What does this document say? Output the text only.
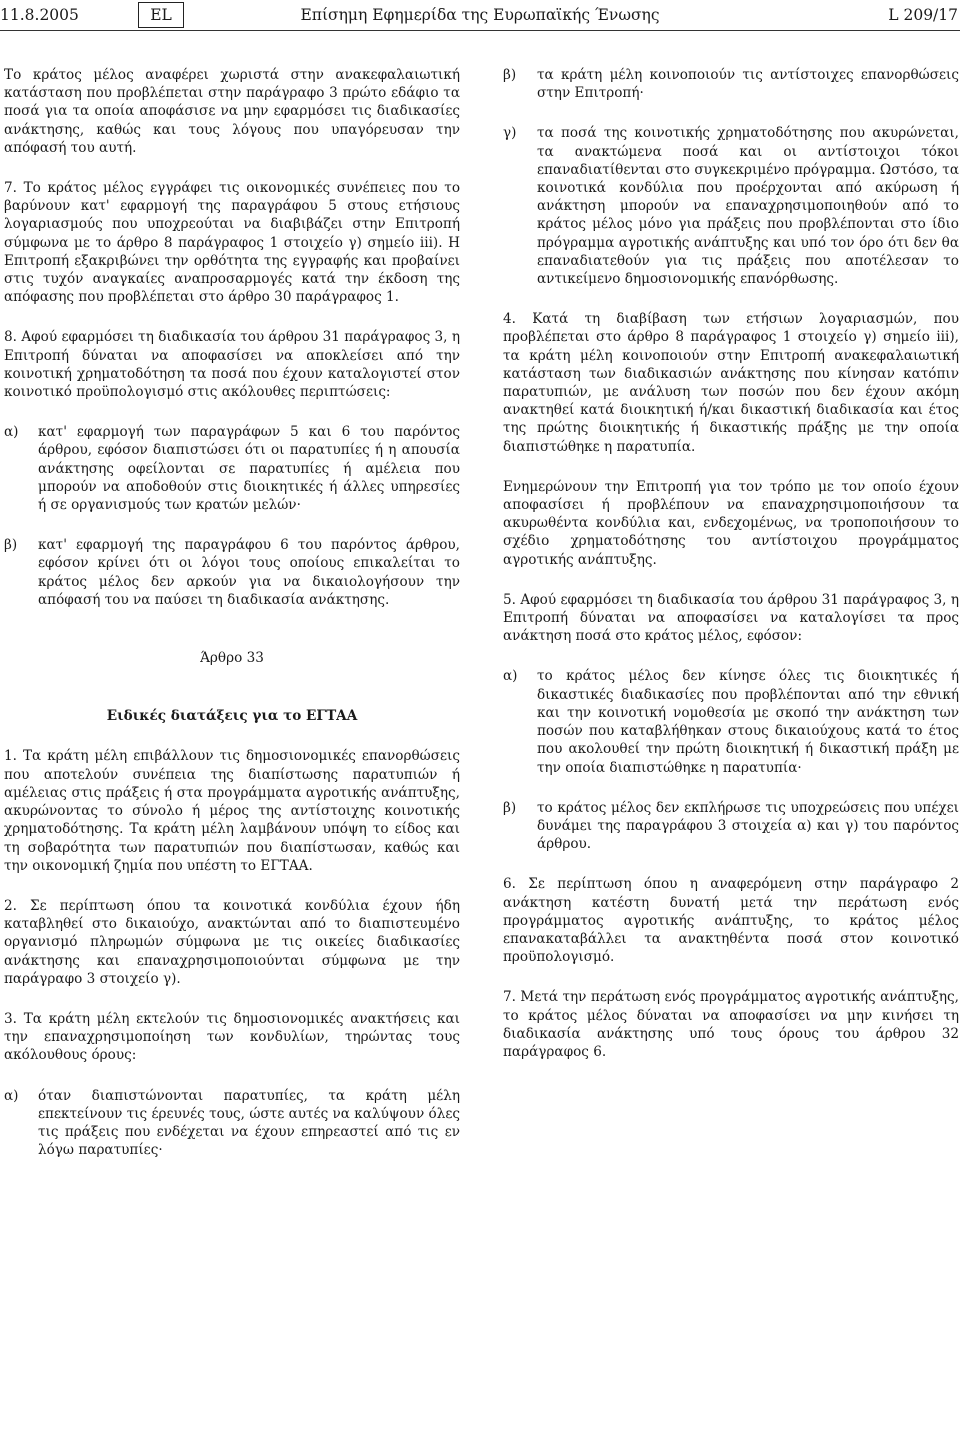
11.8.2005	EL	Επίσημη Εφημερίδα της Ευρωπαϊκής Ένωσης	L 209/17

Το κράτος μέλος αναφέρει χωριστά στην ανακεφαλαιωτική κατάσταση που προβλέπεται στην παράγραφο 3 πρώτο εδάφιο τα ποσά για τα οποία αποφάσισε να μην εφαρμόσει τις διαδικασίες ανάκτησης, καθώς και τους λόγους που υπαγόρευσαν την απόφασή του αυτή.

7. Το κράτος μέλος εγγράφει τις οικονομικές συνέπειες που το βαρύνουν κατ' εφαρμογή της παραγράφου 5 στους ετήσιους λογαριασμούς που υποχρεούται να διαβιβάζει στην Επιτροπή σύμφωνα με το άρθρο 8 παράγραφος 1 στοιχείο γ) σημείο iii). Η Επιτροπή εξακριβώνει την ορθότητα της εγγραφής και προβαίνει στις τυχόν αναγκαίες αναπροσαρμογές κατά την έκδοση της απόφασης που προβλέπεται στο άρθρο 30 παράγραφος 1.

8. Αφού εφαρμόσει τη διαδικασία του άρθρου 31 παράγραφος 3, η Επιτροπή δύναται να αποφασίσει να αποκλείσει από την κοινοτική χρηματοδότηση τα ποσά που έχουν καταλογιστεί στον κοινοτικό προϋπολογισμό στις ακόλουθες περιπτώσεις:

α) κατ' εφαρμογή των παραγράφων 5 και 6 του παρόντος άρθρου, εφόσον διαπιστώσει ότι οι παρατυπίες ή η απουσία ανάκτησης οφείλονται σε παρατυπίες ή αμέλεια που μπορούν να αποδοθούν στις διοικητικές ή άλλες υπηρεσίες ή σε οργανισμούς των κρατών μελών·
β) κατ' εφαρμογή της παραγράφου 6 του παρόντος άρθρου, εφόσον κρίνει ότι οι λόγοι τους οποίους επικαλείται το κράτος μέλος δεν αρκούν για να δικαιολογήσουν την απόφασή του να παύσει τη διαδικασία ανάκτησης.

Άρθρο 33

Ειδικές διατάξεις για το ΕΓΤΑΑ

1. Τα κράτη μέλη επιβάλλουν τις δημοσιονομικές επανορθώσεις που αποτελούν συνέπεια της διαπίστωσης παρατυπιών ή αμέλειας στις πράξεις ή στα προγράμματα αγροτικής ανάπτυξης, ακυρώνοντας το σύνολο ή μέρος της αντίστοιχης κοινοτικής χρηματοδότησης. Τα κράτη μέλη λαμβάνουν υπόψη το είδος και τη σοβαρότητα των παρατυπιών που διαπίστωσαν, καθώς και την οικονομική ζημία που υπέστη το ΕΓΤΑΑ.

2. Σε περίπτωση όπου τα κοινοτικά κονδύλια έχουν ήδη καταβληθεί στο δικαιούχο, ανακτώνται από το διαπιστευμένο οργανισμό πληρωμών σύμφωνα με τις οικείες διαδικασίες ανάκτησης και επαναχρησιμοποιούνται σύμφωνα με την παράγραφο 3 στοιχείο γ).

3. Τα κράτη μέλη εκτελούν τις δημοσιονομικές ανακτήσεις και την επαναχρησιμοποίηση των κονδυλίων, τηρώντας τους ακόλουθους όρους:

α) όταν διαπιστώνονται παρατυπίες, τα κράτη μέλη επεκτείνουν τις έρευνές τους, ώστε αυτές να καλύψουν όλες τις πράξεις που ενδέχεται να έχουν επηρεαστεί από τις εν λόγω παρατυπίες·
β) τα κράτη μέλη κοινοποιούν τις αντίστοιχες επανορθώσεις στην Επιτροπή·
γ) τα ποσά της κοινοτικής χρηματοδότησης που ακυρώνεται, τα ανακτώμενα ποσά και οι αντίστοιχοι τόκοι επαναδιατίθενται στο συγκεκριμένο πρόγραμμα. Ωστόσο, τα κοινοτικά κονδύλια που προέρχονται από ακύρωση ή ανάκτηση μπορούν να επαναχρησιμοποιηθούν από το κράτος μέλος μόνο για πράξεις που προβλέπονται στο ίδιο πρόγραμμα αγροτικής ανάπτυξης και υπό τον όρο ότι δεν θα επαναδιατεθούν για τις πράξεις που αποτέλεσαν το αντικείμενο δημοσιονομικής επανόρθωσης.

4. Κατά τη διαβίβαση των ετήσιων λογαριασμών, που προβλέπεται στο άρθρο 8 παράγραφος 1 στοιχείο γ) σημείο iii), τα κράτη μέλη κοινοποιούν στην Επιτροπή ανακεφαλαιωτική κατάσταση των διαδικασιών ανάκτησης που κίνησαν κατόπιν παρατυπιών, με ανάλυση των ποσών που δεν έχουν ακόμη ανακτηθεί κατά διοικητική ή/και δικαστική διαδικασία και έτος της πρώτης διοικητικής ή δικαστικής πράξης με την οποία διαπιστώθηκε η παρατυπία.

Ενημερώνουν την Επιτροπή για τον τρόπο με τον οποίο έχουν αποφασίσει ή προβλέπουν να επαναχρησιμοποιήσουν τα ακυρωθέντα κονδύλια και, ενδεχομένως, να τροποποιήσουν το σχέδιο χρηματοδότησης του αντίστοιχου προγράμματος αγροτικής ανάπτυξης.

5. Αφού εφαρμόσει τη διαδικασία του άρθρου 31 παράγραφος 3, η Επιτροπή δύναται να αποφασίσει να καταλογίσει τα προς ανάκτηση ποσά στο κράτος μέλος, εφόσον:

α) το κράτος μέλος δεν κίνησε όλες τις διοικητικές ή δικαστικές διαδικασίες που προβλέπονται από την εθνική και την κοινοτική νομοθεσία με σκοπό την ανάκτηση των ποσών που καταβλήθηκαν στους δικαιούχους κατά το έτος που ακολουθεί την πρώτη διοικητική ή δικαστική πράξη με την οποία διαπιστώθηκε η παρατυπία·
β) το κράτος μέλος δεν εκπλήρωσε τις υποχρεώσεις που υπέχει δυνάμει της παραγράφου 3 στοιχεία α) και γ) του παρόντος άρθρου.

6. Σε περίπτωση όπου η αναφερόμενη στην παράγραφο 2 ανάκτηση κατέστη δυνατή μετά την περάτωση ενός προγράμματος αγροτικής ανάπτυξης, το κράτος μέλος επανακαταβάλλει τα ανακτηθέντα ποσά στον κοινοτικό προϋπολογισμό.

7. Μετά την περάτωση ενός προγράμματος αγροτικής ανάπτυξης, το κράτος μέλος δύναται να αποφασίσει να μην κινήσει τη διαδικασία ανάκτησης υπό τους όρους του άρθρου 32 παράγραφος 6.
